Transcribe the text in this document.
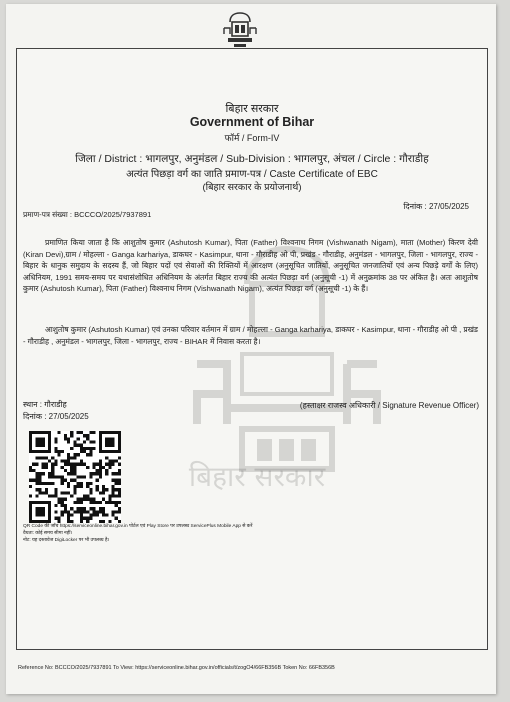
बिहार सरकार
बिहार सरकार
Government of Bihar
फॉर्म / Form-IV
जिला / District : भागलपुर, अनुमंडल / Sub-Division : भागलपुर, अंचल / Circle : गौराडीह
अत्यंत पिछड़ा वर्ग का जाति प्रमाण-पत्र / Caste Certificate of EBC
(बिहार सरकार के प्रयोजनार्थ)
दिनांक : 27/05/2025
प्रमाण-पत्र संख्या : BCCCO/2025/7937891
प्रमाणित किया जाता है कि आशुतोष कुमार (Ashutosh Kumar), पिता (Father) विश्वनाथ निगम (Vishwanath Nigam), माता (Mother) किरण देवी (Kiran Devi),ग्राम / मोहल्ला - Ganga karhariya, डाकघर - Kasimpur, थाना - गौराडीह ओ पी, प्रखंड - गौराडीह, अनुमंडल - भागलपुर, जिला - भागलपुर, राज्य - बिहार के धानुक समुदाय के सदस्य हैं, जो बिहार पदों एवं सेवाओं की रिक्तियों में आरक्षण (अनुसूचित जातियों, अनुसूचित जनजातियों एवं अन्य पिछड़े वर्गों के लिए) अधिनियम, 1991 समय-समय पर यथासंशोधित अधिनियम के अंतर्गत बिहार राज्य की अत्यंत पिछड़ा वर्ग (अनुसूची -1) में अनुक्रमांक 38 पर अंकित है। अतः आशुतोष कुमार (Ashutosh Kumar), पिता (Father) विश्वनाथ निगम (Vishwanath Nigam), अत्यंत पिछड़ा वर्ग (अनुसूची -1) के हैं।
आशुतोष कुमार (Ashutosh Kumar) एवं उनका परिवार वर्तमान में ग्राम / मोहल्ला - Ganga karhariya, डाकघर - Kasimpur, थाना - गौराडीह ओ पी , प्रखंड - गौराडीह , अनुमंडल - भागलपुर, जिला - भागलपुर, राज्य - BIHAR में निवास करता है।
स्थान : गौराडीह
दिनांक : 27/05/2025
(हस्ताक्षर राजस्व अधिकारी / Signature Revenue Officer)
QR Code की जाँच https://serviceonline.bihar.gov.in पोर्टल एवं Play Store पर उपलब्ध ServicePlus Mobile App से करें
वैधता: कोई समय सीमा नहीं।
नोट: यह दस्तावेज DigiLocker पर भी उपलब्ध है।
Reference No: BCCCO/2025/7937891 To View: https://serviceonline.bihar.gov.in/officials/t/zogO4/66FB356B Token No: 66FB356B
